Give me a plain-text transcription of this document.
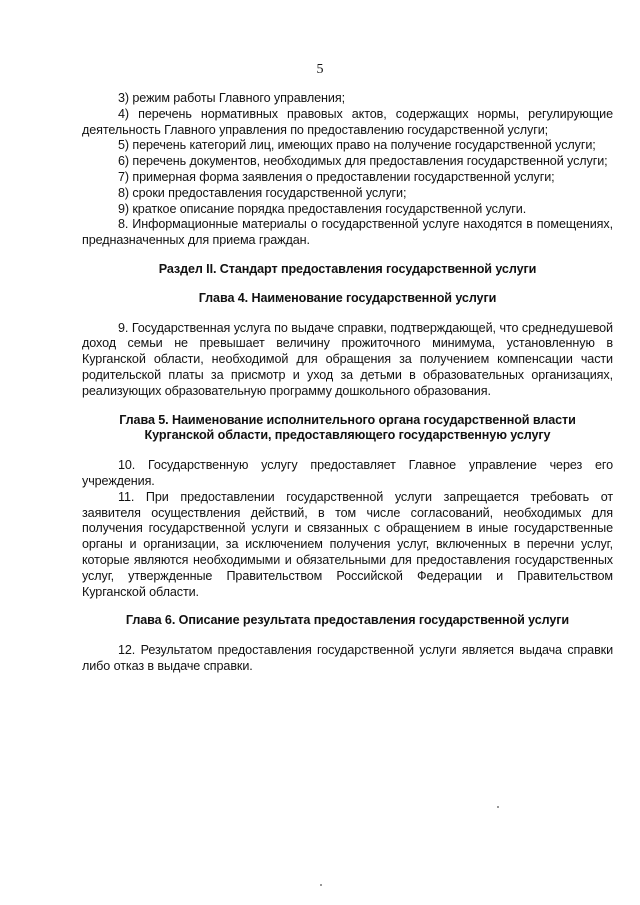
5

3) режим работы Главного управления;

4) перечень нормативных правовых актов, содержащих нормы, регулирующие деятельность Главного управления по предоставлению государственной услуги;

5) перечень категорий лиц, имеющих право на получение государственной услуги;

6) перечень документов, необходимых для предоставления государственной услуги;

7) примерная форма заявления о предоставлении государственной услуги;

8) сроки предоставления государственной услуги;

9) краткое описание порядка предоставления государственной услуги.

8. Информационные материалы о государственной услуге находятся в помещениях, предназначенных для приема граждан.

Раздел II. Стандарт предоставления государственной услуги
Глава 4. Наименование государственной услуги

9. Государственная услуга по выдаче справки, подтверждающей, что среднедушевой доход семьи не превышает величину прожиточного минимума, установленную в Курганской области, необходимой для обращения за получением компенсации части родительской платы за присмотр и уход за детьми в образовательных организациях, реализующих образовательную программу дошкольного образования.

Глава 5. Наименование исполнительного органа государственной власти
Курганской области, предоставляющего государственную услугу

10. Государственную услугу предоставляет Главное управление через его учреждения.

11. При предоставлении государственной услуги запрещается требовать от заявителя осуществления действий, в том числе согласований, необходимых для получения государственной услуги и связанных с обращением в иные государственные органы и организации, за исключением получения услуг, включенных в перечни услуг, которые являются необходимыми и обязательными для предоставления государственных услуг, утвержденные Правительством Российской Федерации и Правительством Курганской области.

Глава 6. Описание результата предоставления государственной услуги

12. Результатом предоставления государственной услуги является выдача справки либо отказ в выдаче справки.
